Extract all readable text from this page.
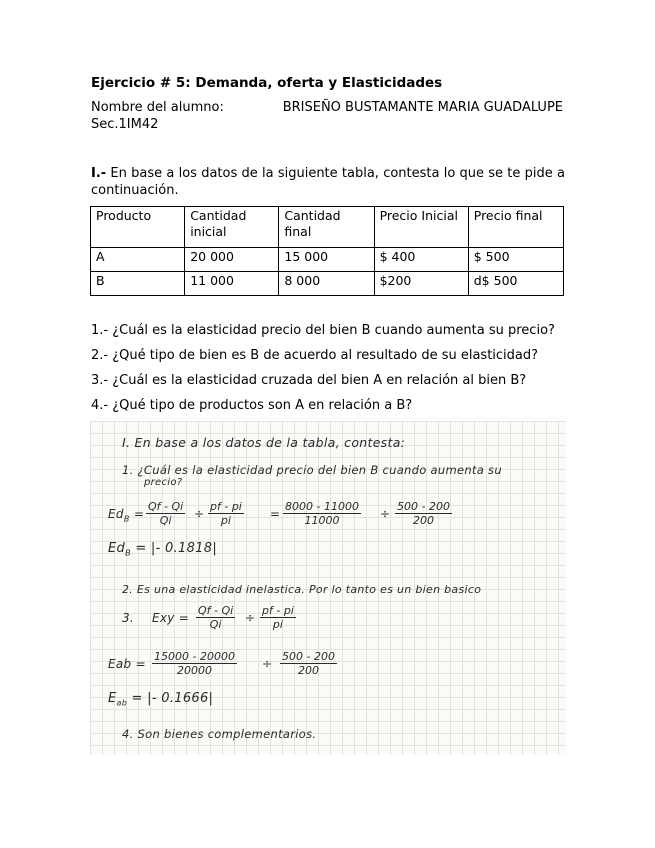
Ejercicio # 5: Demanda, oferta y Elasticidades
Nombre del alumno:	BRISEÑO BUSTAMANTE MARIA GUADALUPE
Sec.1IM42
I.- En base a los datos de la siguiente tabla, contesta lo que se te pide a continuación.
Producto	Cantidad inicial	Cantidad final	Precio Inicial	Precio final
A	20 000	15 000	$ 400	$ 500
B	11 000	8 000	$200	d$ 500
1.- ¿Cuál es la elasticidad precio del bien B cuando aumenta su precio?
2.- ¿Qué tipo de bien es B de acuerdo al resultado de su elasticidad?
3.- ¿Cuál es la elasticidad cruzada del bien A en relación al bien B?
4.- ¿Qué tipo de productos son A en relación a B?
I. En base a los datos de la tabla, contesta:
1. ¿Cuál es la elasticidad precio del bien B cuando aumenta su
precio?
$Ed_B = \frac{Qf - Qi}{Qi} \div \frac{pf - pi}{pi} = \frac{8000 - 11000}{11000} \div \frac{500 - 200}{200}$
$Ed_B$ = |- 0.1818|
2. Es una elasticidad inelastica. Por lo tanto es un bien basico
3. Exy = $\frac{Qf - Qi}{Qi} \div \frac{pf - pi}{pi}$
Eab = $\frac{15000 - 20000}{20000} \div \frac{500 - 200}{200}$
$E_{ab}$ = |- 0.1666|
4. Son bienes complementarios.
